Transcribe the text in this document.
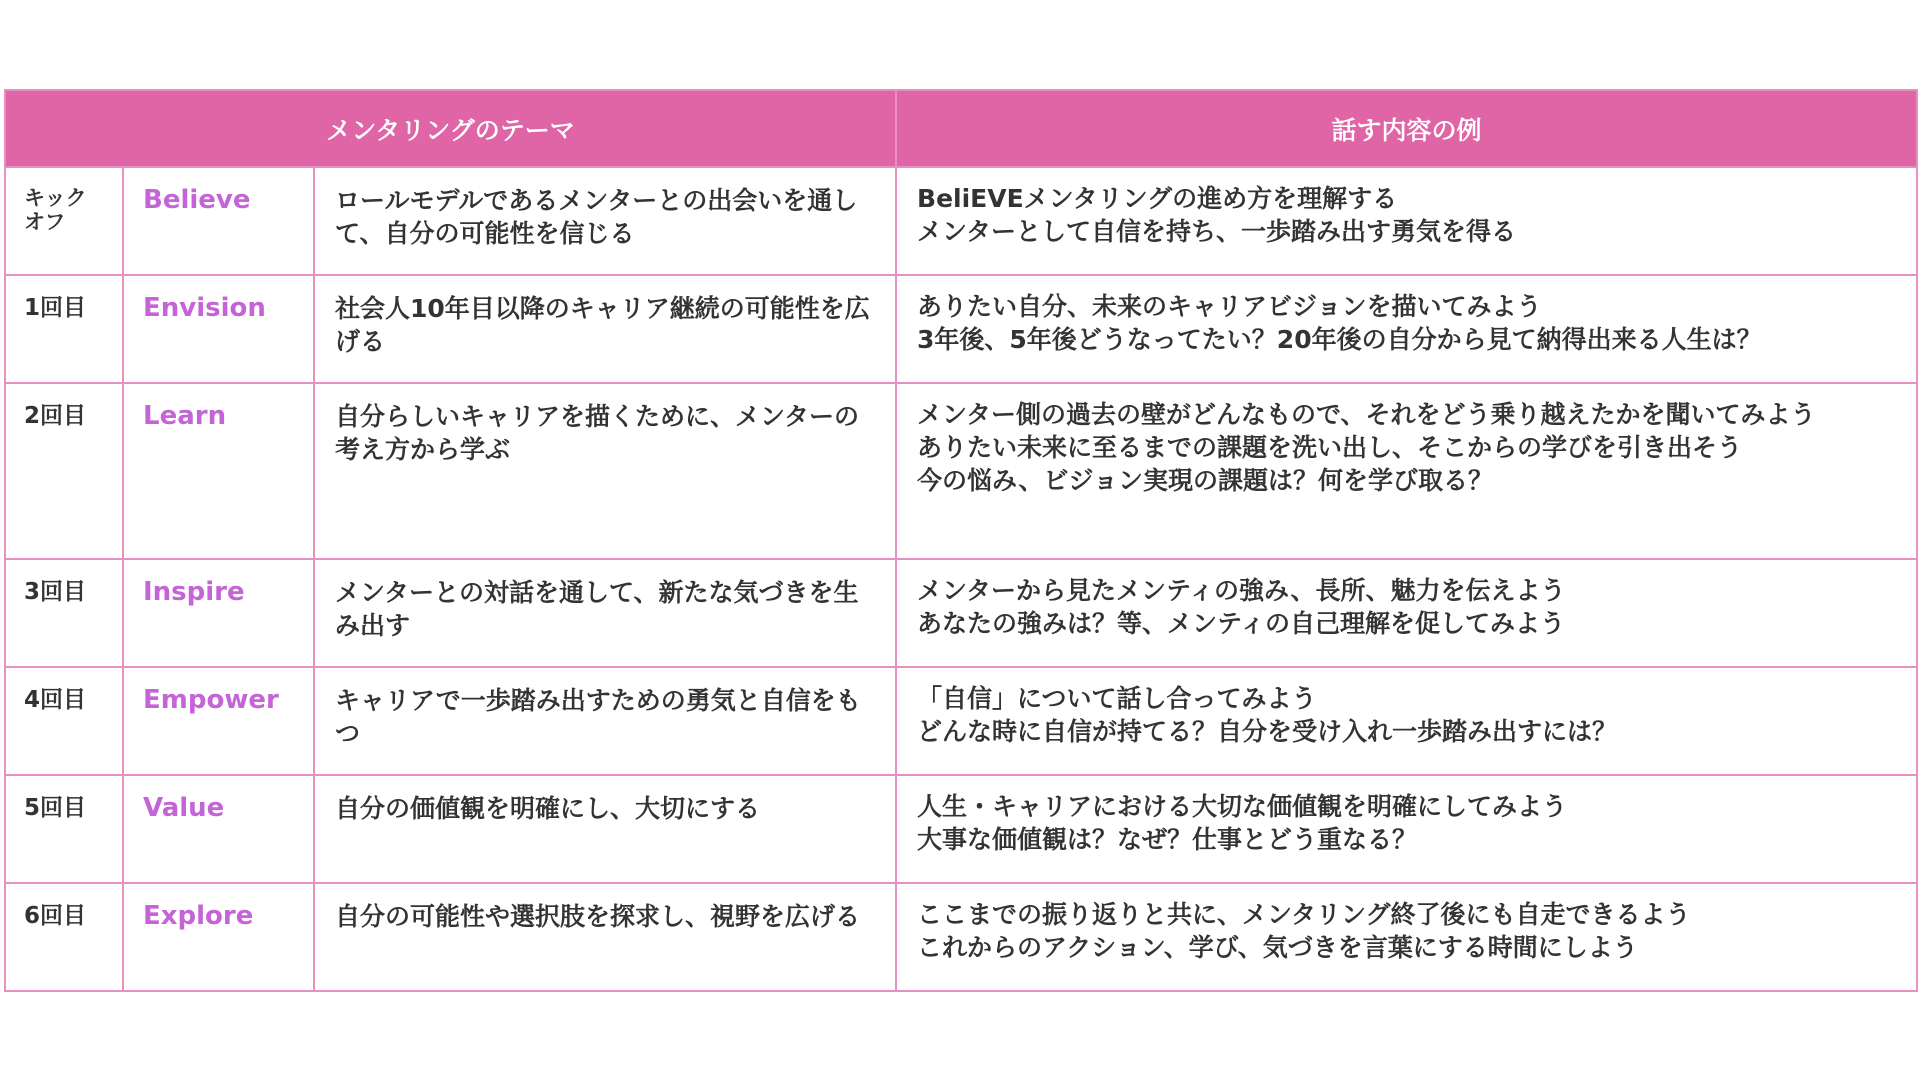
メンタリングのテーマ			話す内容の例

キック
オフ	Believe	ロールモデルであるメンターとの出会いを通して、自分の可能性を信じる	BeliEVEメンタリングの進め方を理解する
メンターとして自信を持ち、一歩踏み出す勇気を得る

1回目	Envision	社会人10年目以降のキャリア継続の可能性を広げる	ありたい自分、未来のキャリアビジョンを描いてみよう
3年後、5年後どうなってたい？20年後の自分から見て納得出来る人生は？

2回目	Learn	自分らしいキャリアを描くために、メンターの考え方から学ぶ	メンター側の過去の壁がどんなもので、それをどう乗り越えたかを聞いてみよう
ありたい未来に至るまでの課題を洗い出し、そこからの学びを引き出そう
今の悩み、ビジョン実現の課題は？何を学び取る？

3回目	Inspire	メンターとの対話を通して、新たな気づきを生み出す	メンターから見たメンティの強み、長所、魅力を伝えよう
あなたの強みは？等、メンティの自己理解を促してみよう

4回目	Empower	キャリアで一歩踏み出すための勇気と自信をもつ	「自信」について話し合ってみよう
どんな時に自信が持てる？自分を受け入れ一歩踏み出すには？

5回目	Value	自分の価値観を明確にし、大切にする	人生・キャリアにおける大切な価値観を明確にしてみよう
大事な価値観は？なぜ？仕事とどう重なる？

6回目	Explore	自分の可能性や選択肢を探求し、視野を広げる	ここまでの振り返りと共に、メンタリング終了後にも自走できるよう
これからのアクション、学び、気づきを言葉にする時間にしよう
